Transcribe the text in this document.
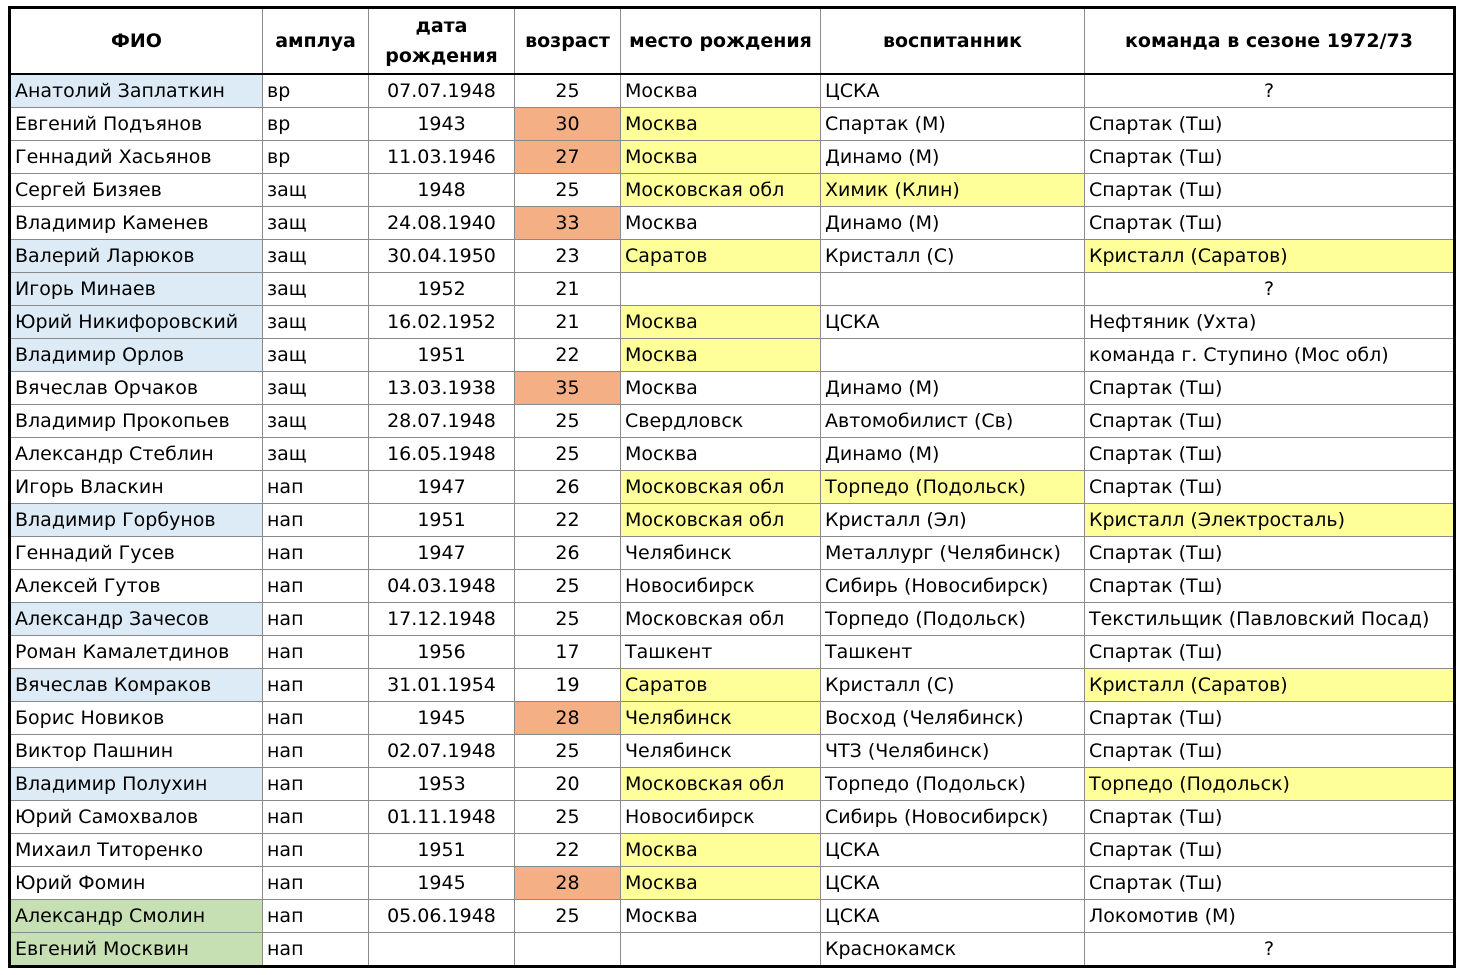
ФИО	амплуа	дата рождения	возраст	место рождения	воспитанник	команда в сезоне 1972/73
Анатолий Заплаткин	вр	07.07.1948	25	Москва	ЦСКА	?
Евгений Подъянов	вр	1943	30	Москва	Спартак (М)	Спартак (Тш)
Геннадий Хасьянов	вр	11.03.1946	27	Москва	Динамо (М)	Спартак (Тш)
Сергей Бизяев	защ	1948	25	Московская обл	Химик (Клин)	Спартак (Тш)
Владимир Каменев	защ	24.08.1940	33	Москва	Динамо (М)	Спартак (Тш)
Валерий Ларюков	защ	30.04.1950	23	Саратов	Кристалл (С)	Кристалл (Саратов)
Игорь Минаев	защ	1952	21			?
Юрий Никифоровский	защ	16.02.1952	21	Москва	ЦСКА	Нефтяник (Ухта)
Владимир Орлов	защ	1951	22	Москва		команда г. Ступино (Мос обл)
Вячеслав Орчаков	защ	13.03.1938	35	Москва	Динамо (М)	Спартак (Тш)
Владимир Прокопьев	защ	28.07.1948	25	Свердловск	Автомобилист (Св)	Спартак (Тш)
Александр Стеблин	защ	16.05.1948	25	Москва	Динамо (М)	Спартак (Тш)
Игорь Власкин	нап	1947	26	Московская обл	Торпедо (Подольск)	Спартак (Тш)
Владимир Горбунов	нап	1951	22	Московская обл	Кристалл (Эл)	Кристалл (Электросталь)
Геннадий Гусев	нап	1947	26	Челябинск	Металлург (Челябинск)	Спартак (Тш)
Алексей Гутов	нап	04.03.1948	25	Новосибирск	Сибирь (Новосибирск)	Спартак (Тш)
Александр Зачесов	нап	17.12.1948	25	Московская обл	Торпедо (Подольск)	Текстильщик (Павловский Посад)
Роман Камалетдинов	нап	1956	17	Ташкент	Ташкент	Спартак (Тш)
Вячеслав Комраков	нап	31.01.1954	19	Саратов	Кристалл (С)	Кристалл (Саратов)
Борис Новиков	нап	1945	28	Челябинск	Восход (Челябинск)	Спартак (Тш)
Виктор Пашнин	нап	02.07.1948	25	Челябинск	ЧТЗ (Челябинск)	Спартак (Тш)
Владимир Полухин	нап	1953	20	Московская обл	Торпедо (Подольск)	Торпедо (Подольск)
Юрий Самохвалов	нап	01.11.1948	25	Новосибирск	Сибирь (Новосибирск)	Спартак (Тш)
Михаил Титоренко	нап	1951	22	Москва	ЦСКА	Спартак (Тш)
Юрий Фомин	нап	1945	28	Москва	ЦСКА	Спартак (Тш)
Александр Смолин	нап	05.06.1948	25	Москва	ЦСКА	Локомотив (М)
Евгений Москвин	нап				Краснокамск	?
